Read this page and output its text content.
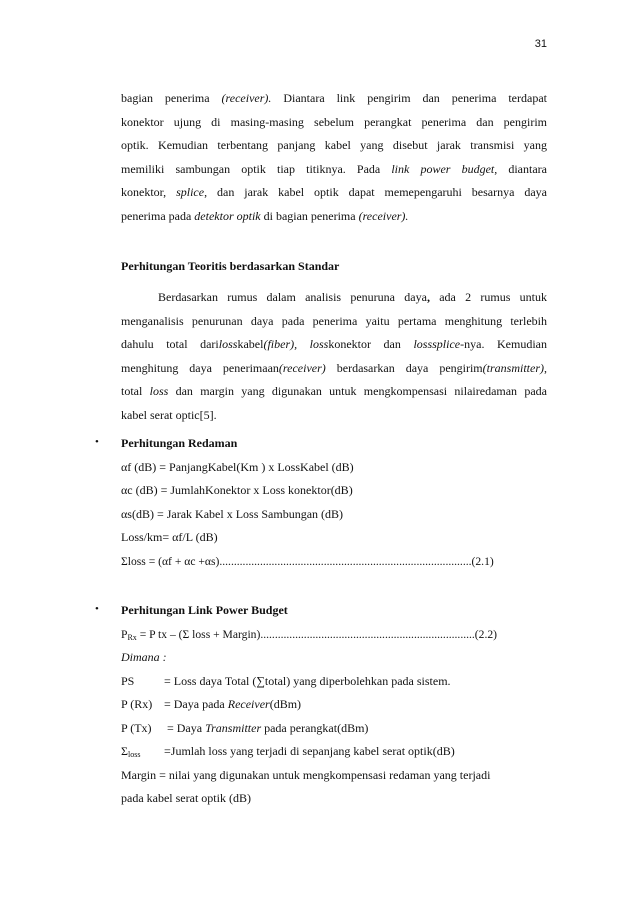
31
bagian penerima (receiver). Diantara link pengirim dan penerima terdapat
konektor ujung di masing-masing sebelum perangkat penerima dan pengirim
optik. Kemudian terbentang panjang kabel yang disebut jarak transmisi yang
memiliki sambungan optik tiap titiknya. Pada link power budget, diantara
konektor, splice, dan jarak kabel optik dapat memepengaruhi besarnya daya
penerima pada detektor optik di bagian penerima (receiver).
Perhitungan Teoritis berdasarkan Standar
Berdasarkan rumus dalam analisis penuruna daya, ada 2 rumus untuk
menganalisis penurunan daya pada penerima yaitu pertama menghitung terlebih
dahulu total darilosskabel(fiber), losskonektor dan losssplice-nya. Kemudian
menghitung daya penerimaan(receiver) berdasarkan daya pengirim(transmitter),
total loss dan margin yang digunakan untuk mengkompensasi nilairedaman pada
kabel serat optic[5].
• Perhitungan Redaman
αf (dB) = PanjangKabel(Km ) x LossKabel (dB)
αc (dB) = JumlahKonektor x Loss konektor(dB)
αs(dB) = Jarak Kabel x Loss Sambungan (dB)
Loss/km= αf/L (dB)
Σloss = (αf + αc +αs).......................................................................................(2.1)
• Perhitungan Link Power Budget
$P_{Rx} = P$ tx – (Σ loss + Margin)..........................................................................(2.2)
Dimana :
PS = Loss daya Total (∑total) yang diperbolehkan pada sistem.
P (Rx) = Daya pada Receiver(dBm)
P (Tx) = Daya Transmitter pada perangkat(dBm)
$\Sigma_{loss}$ =Jumlah loss yang terjadi di sepanjang kabel serat optik(dB)
Margin = nilai yang digunakan untuk mengkompensasi redaman yang terjadi
pada kabel serat optik (dB)
